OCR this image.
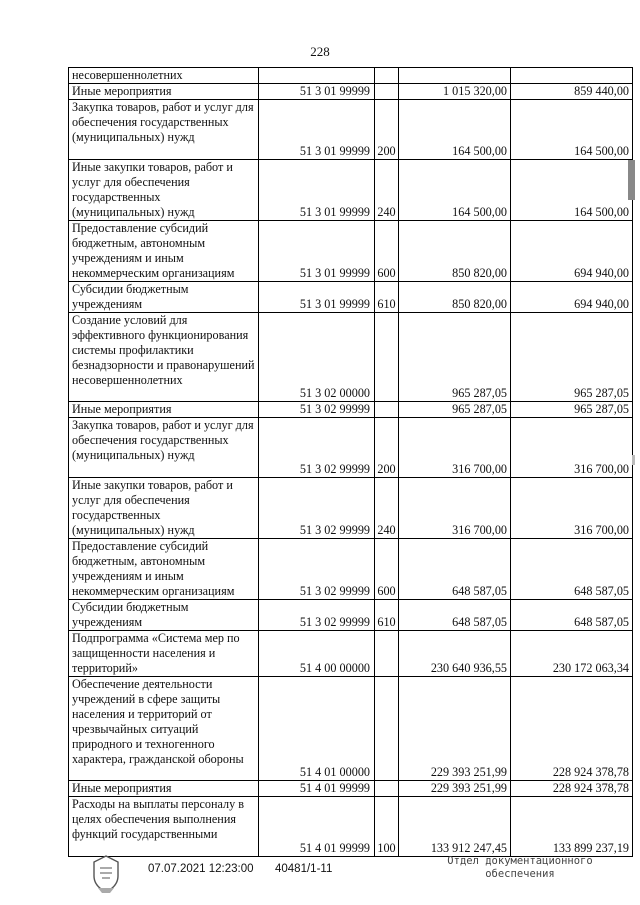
228
несовершеннолетних				
Иные мероприятия	51 3 01 99999		1 015 320,00	859 440,00
Закупка товаров, работ и услуг для обеспечения государственных (муниципальных) нужд	51 3 01 99999	200	164 500,00	164 500,00
Иные закупки товаров, работ и услуг для обеспечения государственных (муниципальных) нужд	51 3 01 99999	240	164 500,00	164 500,00
Предоставление субсидий бюджетным, автономным учреждениям и иным некоммерческим организациям	51 3 01 99999	600	850 820,00	694 940,00
Субсидии бюджетным учреждениям	51 3 01 99999	610	850 820,00	694 940,00
Создание условий для эффективного функционирования системы профилактики безнадзорности и правонарушений несовершеннолетних	51 3 02 00000		965 287,05	965 287,05
Иные мероприятия	51 3 02 99999		965 287,05	965 287,05
Закупка товаров, работ и услуг для обеспечения государственных (муниципальных) нужд	51 3 02 99999	200	316 700,00	316 700,00
Иные закупки товаров, работ и услуг для обеспечения государственных (муниципальных) нужд	51 3 02 99999	240	316 700,00	316 700,00
Предоставление субсидий бюджетным, автономным учреждениям и иным некоммерческим организациям	51 3 02 99999	600	648 587,05	648 587,05
Субсидии бюджетным учреждениям	51 3 02 99999	610	648 587,05	648 587,05
Подпрограмма «Система мер по защищенности населения и территорий»	51 4 00 00000		230 640 936,55	230 172 063,34
Обеспечение деятельности учреждений в сфере защиты населения и территорий от чрезвычайных ситуаций природного и техногенного характера, гражданской обороны	51 4 01 00000		229 393 251,99	228 924 378,78
Иные мероприятия	51 4 01 99999		229 393 251,99	228 924 378,78
Расходы на выплаты персоналу в целях обеспечения выполнения функций государственными	51 4 01 99999	100	133 912 247,45	133 899 237,19
07.07.2021 12:23:00 40481/1-11
Отдел документационного
обеспечения
